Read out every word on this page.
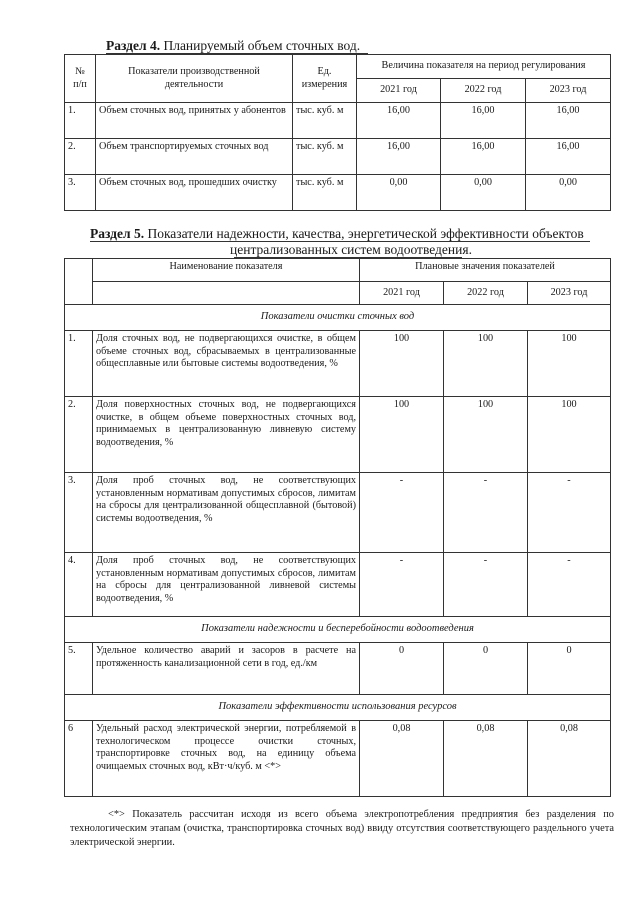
Раздел 4. Планируемый объем сточных вод.
№
п/п	Показатели производственной деятельности	Ед. измерения	Величина показателя на период регулирования		
			2021 год	2022 год	2023 год
1.	Объем сточных вод, принятых у абонентов	тыс. куб. м	16,00	16,00	16,00
2.	Объем транспортируемых сточных вод	тыс. куб. м	16,00	16,00	16,00
3.	Объем сточных вод, прошедших очистку	тыс. куб. м	0,00	0,00	0,00
Раздел 5. Показатели надежности, качества, энергетической эффективности объектов
централизованных систем водоотведения.
	Наименование показателя	Плановые значения показателей		
		2021 год	2022 год	2023 год
Показатели очистки сточных вод				
1.	Доля сточных вод, не подвергающихся очистке, в общем объеме сточных вод, сбрасываемых в централизованные общесплавные или бытовые системы водоотведения, %	100	100	100
2.	Доля поверхностных сточных вод, не подвергающихся очистке, в общем объеме поверхностных сточных вод, принимаемых в централизованную ливневую систему водоотведения, %	100	100	100
3.	Доля проб сточных вод, не соответствующих установленным нормативам допустимых сбросов, лимитам на сбросы для централизованной общесплавной (бытовой) системы водоотведения, %	-	-	-
4.	Доля проб сточных вод, не соответствующих установленным нормативам допустимых сбросов, лимитам на сбросы для централизованной ливневой системы водоотведения, %	-	-	-
Показатели надежности и бесперебойности водоотведения				
5.	Удельное количество аварий и засоров в расчете на протяженность канализационной сети в год, ед./км	0	0	0
Показатели эффективности использования ресурсов				
6	Удельный расход электрической энергии, потребляемой в технологическом процессе очистки сточных, транспортировке сточных вод, на единицу объема очищаемых сточных вод, кВт·ч/куб. м <*>	0,08	0,08	0,08
<*> Показатель рассчитан исходя из всего объема электропотребления предприятия без разделения по технологическим этапам (очистка, транспортировка сточных вод) ввиду отсутствия соответствующего раздельного учета электрической энергии.
